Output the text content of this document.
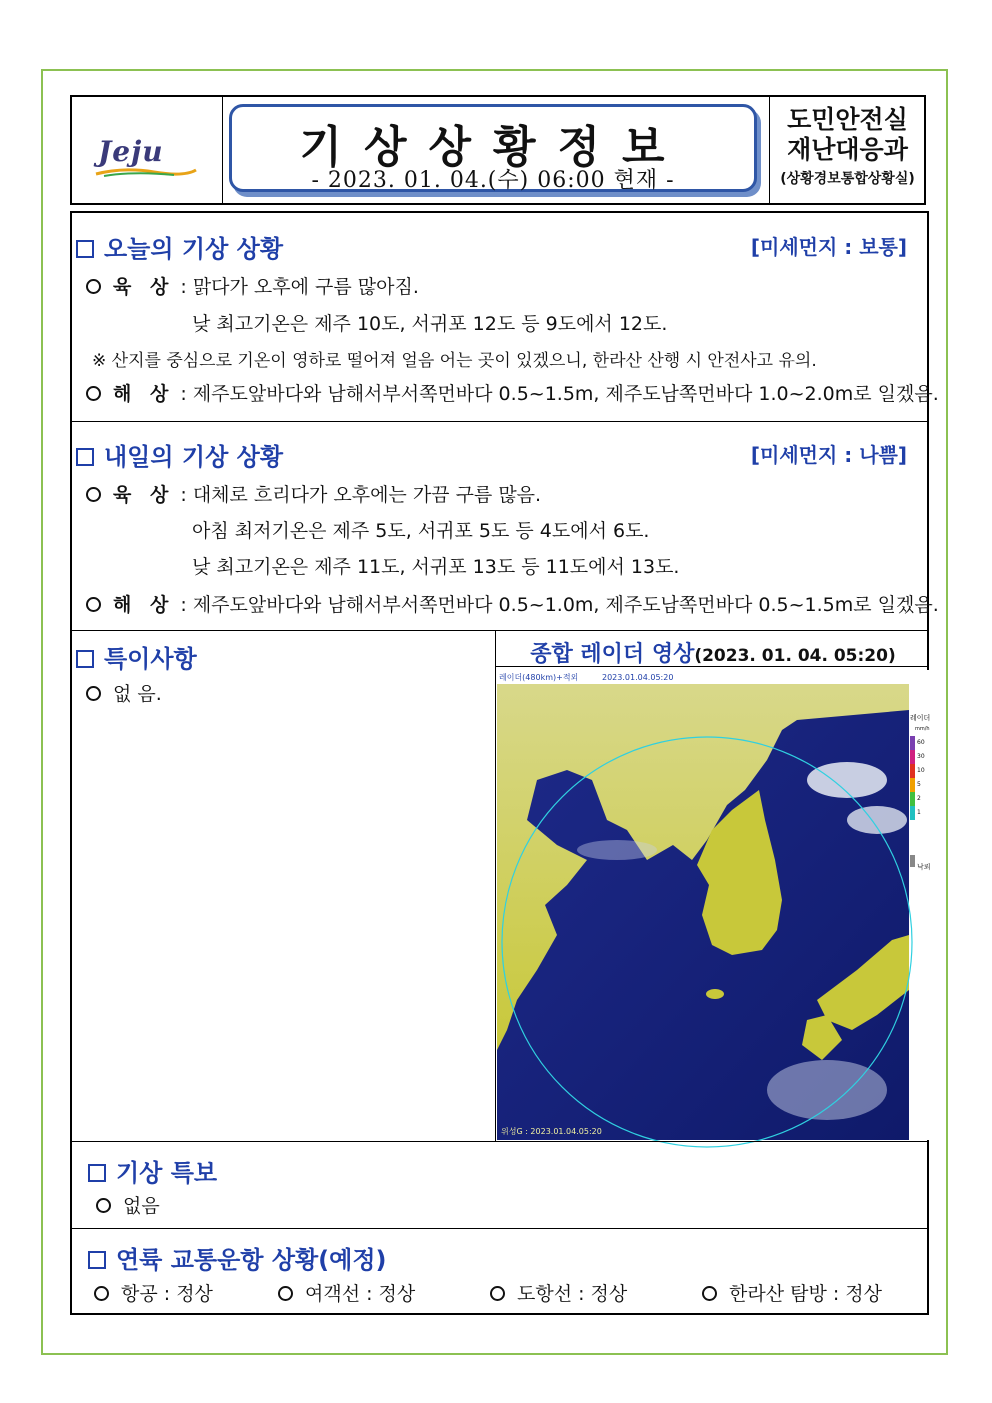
Jeju	기상상황정보
- 2023. 01. 04.(수) 06:00 현재 -
도민안전실
재난대응과
(상황경보통합상황실)
오늘의 기상 상황	[미세먼지 : 보통]
육 상 : 맑다가 오후에 구름 많아짐.
낮 최고기온은 제주 10도, 서귀포 12도 등 9도에서 12도.
※ 산지를 중심으로 기온이 영하로 떨어져 얼음 어는 곳이 있겠으니, 한라산 산행 시 안전사고 유의.
해 상 : 제주도앞바다와 남해서부서쪽먼바다 0.5~1.5m, 제주도남쪽먼바다 1.0~2.0m로 일겠음.
내일의 기상 상황	[미세먼지 : 나쁨]
육 상 : 대체로 흐리다가 오후에는 가끔 구름 많음.
아침 최저기온은 제주 5도, 서귀포 5도 등 4도에서 6도.
낮 최고기온은 제주 11도, 서귀포 13도 등 11도에서 13도.
해 상 : 제주도앞바다와 남해서부서쪽먼바다 0.5~1.0m, 제주도남쪽먼바다 0.5~1.5m로 일겠음.
특이사항
없 음.
종합 레이더 영상(2023. 01. 04. 05:20)
레이더
mm/h
60
30
10
5
2
1
낙뢰
레이더(480km)+적외	2023.01.04.05:20
위성G : 2023.01.04.05:20
기상 특보
없음
연륙 교통운항 상황(예정)
항공 : 정상	여객선 : 정상	도항선 : 정상	한라산 탐방 : 정상
